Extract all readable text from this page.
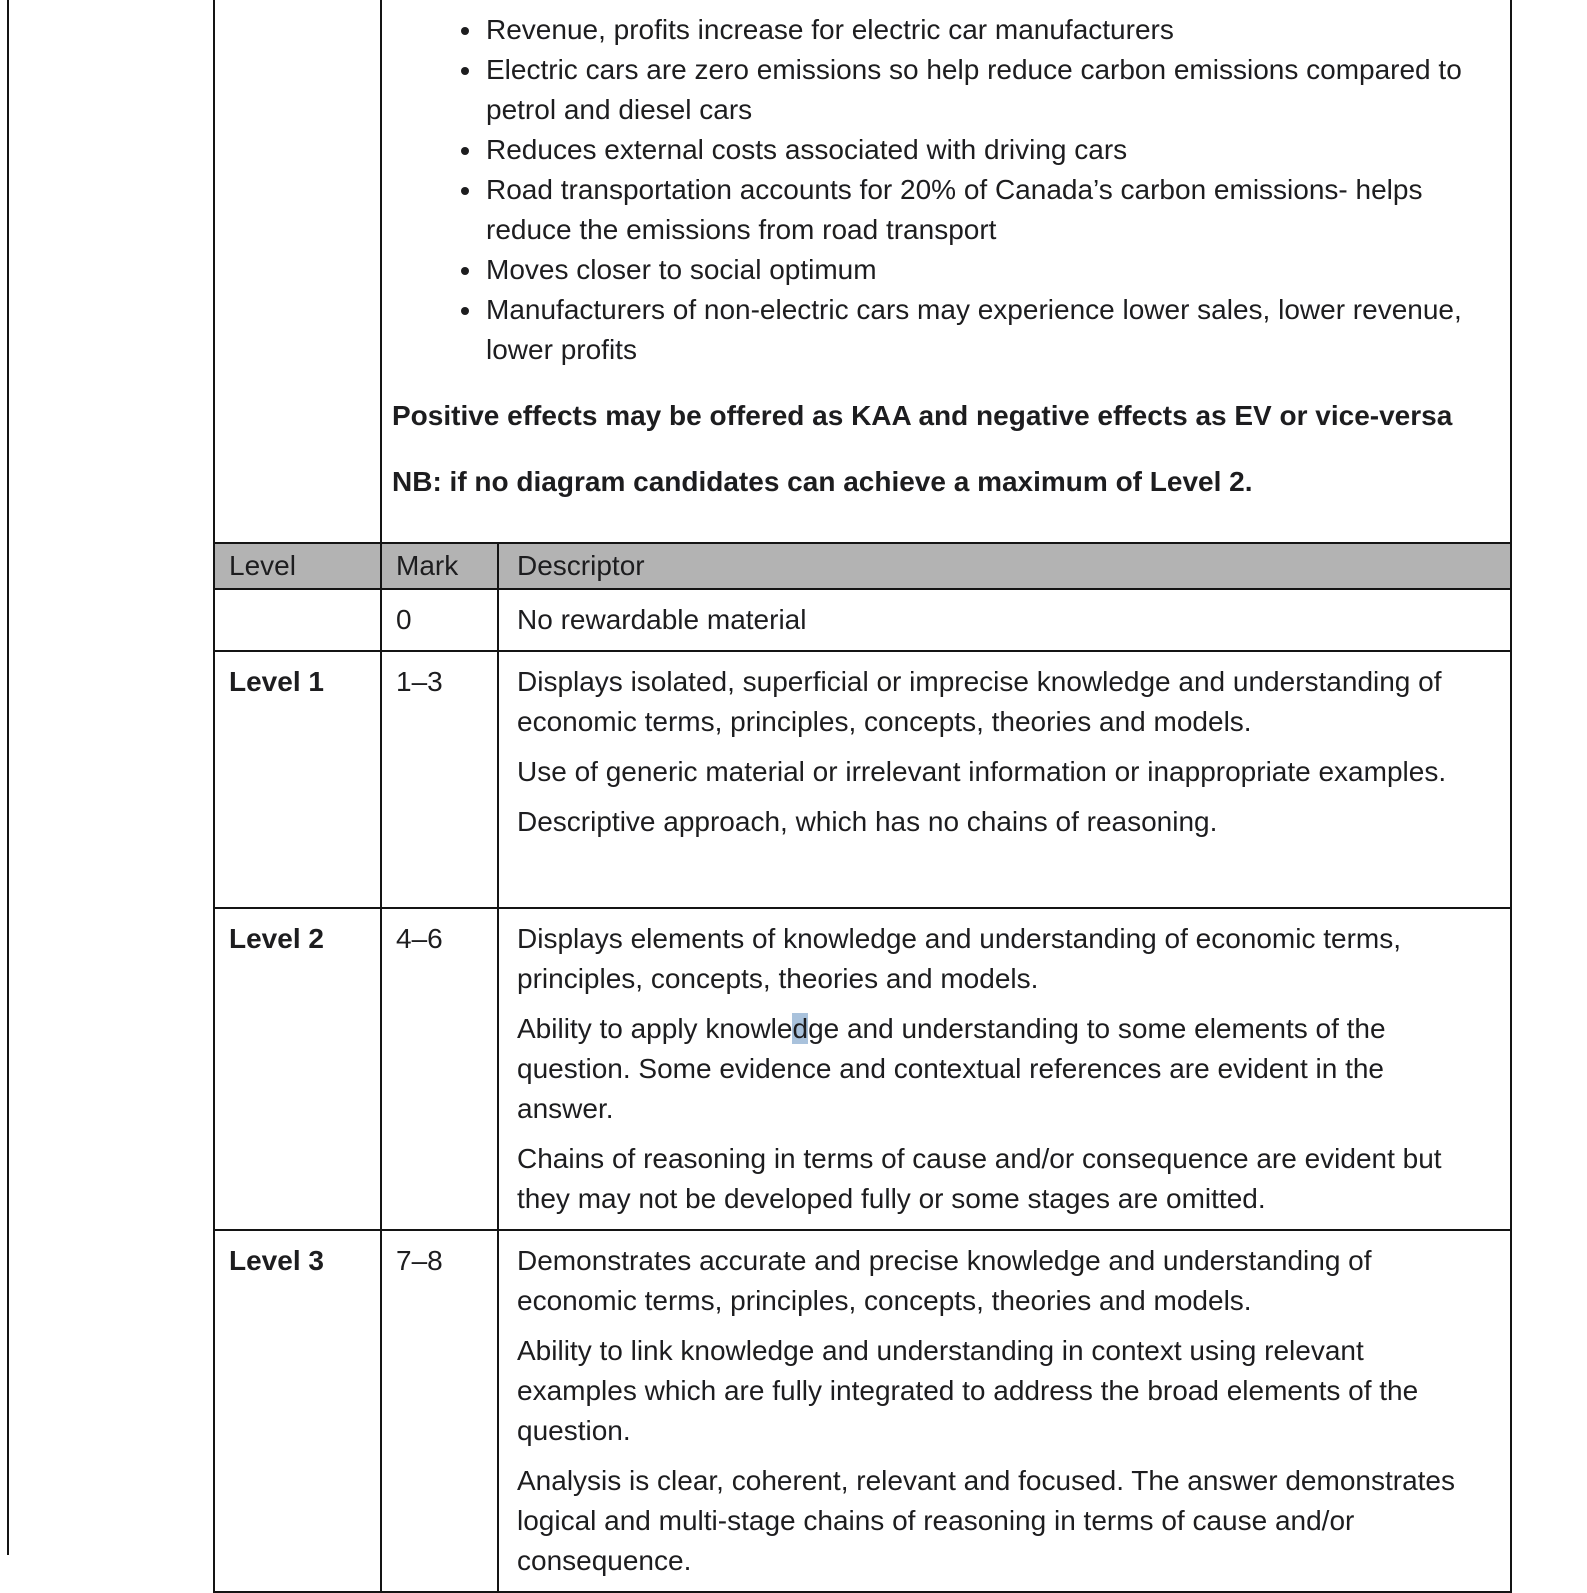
• Revenue, profits increase for electric car manufacturers
• Electric cars are zero emissions so help reduce carbon emissions compared to petrol and diesel cars
• Reduces external costs associated with driving cars
• Road transportation accounts for 20% of Canada’s carbon emissions- helps reduce the emissions from road transport
• Moves closer to social optimum
• Manufacturers of non-electric cars may experience lower sales, lower revenue, lower profits

Positive effects may be offered as KAA and negative effects as EV or vice-versa

NB: if no diagram candidates can achieve a maximum of Level 2.

Level	Mark	Descriptor
	0	No rewardable material

Level 1	1–3	Displays isolated, superficial or imprecise knowledge and understanding of economic terms, principles, concepts, theories and models.

Use of generic material or irrelevant information or inappropriate examples.

Descriptive approach, which has no chains of reasoning.

Level 2	4–6	Displays elements of knowledge and understanding of economic terms, principles, concepts, theories and models.

Ability to apply knowledge and understanding to some elements of the question. Some evidence and contextual references are evident in the answer.

Chains of reasoning in terms of cause and/or consequence are evident but they may not be developed fully or some stages are omitted.

Level 3	7–8	Demonstrates accurate and precise knowledge and understanding of economic terms, principles, concepts, theories and models.

Ability to link knowledge and understanding in context using relevant examples which are fully integrated to address the broad elements of the question.

Analysis is clear, coherent, relevant and focused. The answer demonstrates logical and multi-stage chains of reasoning in terms of cause and/or consequence.
